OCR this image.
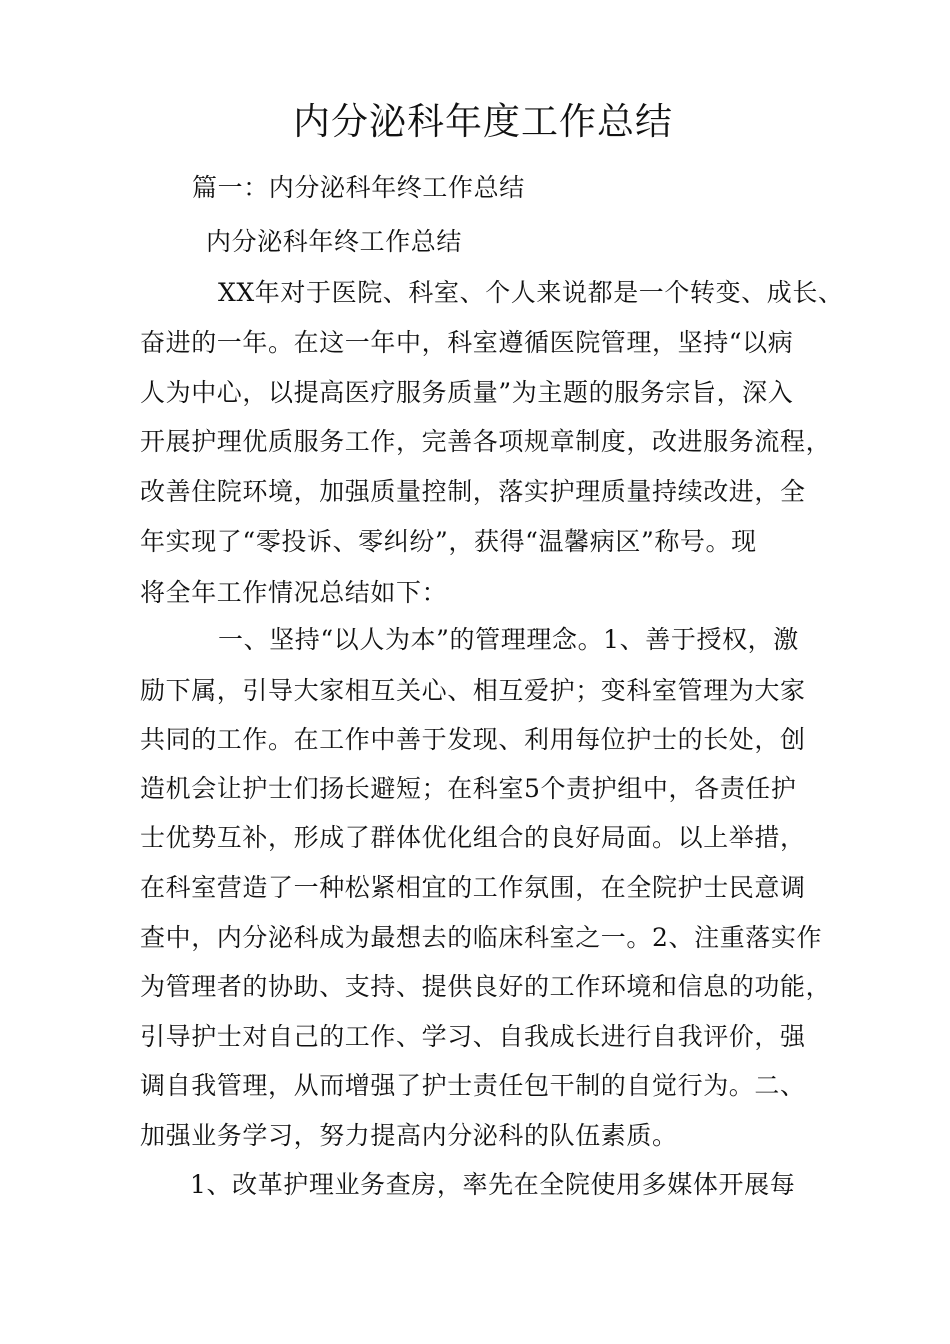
内分泌科年度工作总结
篇一：内分泌科年终工作总结
内分泌科年终工作总结
XX年对于医院、科室、个人来说都是一个转变、成长、
奋进的一年。在这一年中，科室遵循医院管理，坚持“以病
人为中心，以提高医疗服务质量”为主题的服务宗旨，深入
开展护理优质服务工作，完善各项规章制度，改进服务流程，
改善住院环境，加强质量控制，落实护理质量持续改进，全
年实现了“零投诉、零纠纷”，获得“温馨病区”称号。现
将全年工作情况总结如下：
一、坚持“以人为本”的管理理念。1、善于授权，激
励下属，引导大家相互关心、相互爱护；变科室管理为大家
共同的工作。在工作中善于发现、利用每位护士的长处，创
造机会让护士们扬长避短；在科室5个责护组中，各责任护
士优势互补，形成了群体优化组合的良好局面。以上举措，
在科室营造了一种松紧相宜的工作氛围，在全院护士民意调
查中，内分泌科成为最想去的临床科室之一。2、注重落实作
为管理者的协助、支持、提供良好的工作环境和信息的功能，
引导护士对自己的工作、学习、自我成长进行自我评价，强
调自我管理，从而增强了护士责任包干制的自觉行为。二、
加强业务学习，努力提高内分泌科的队伍素质。
1、改革护理业务查房，率先在全院使用多媒体开展每
